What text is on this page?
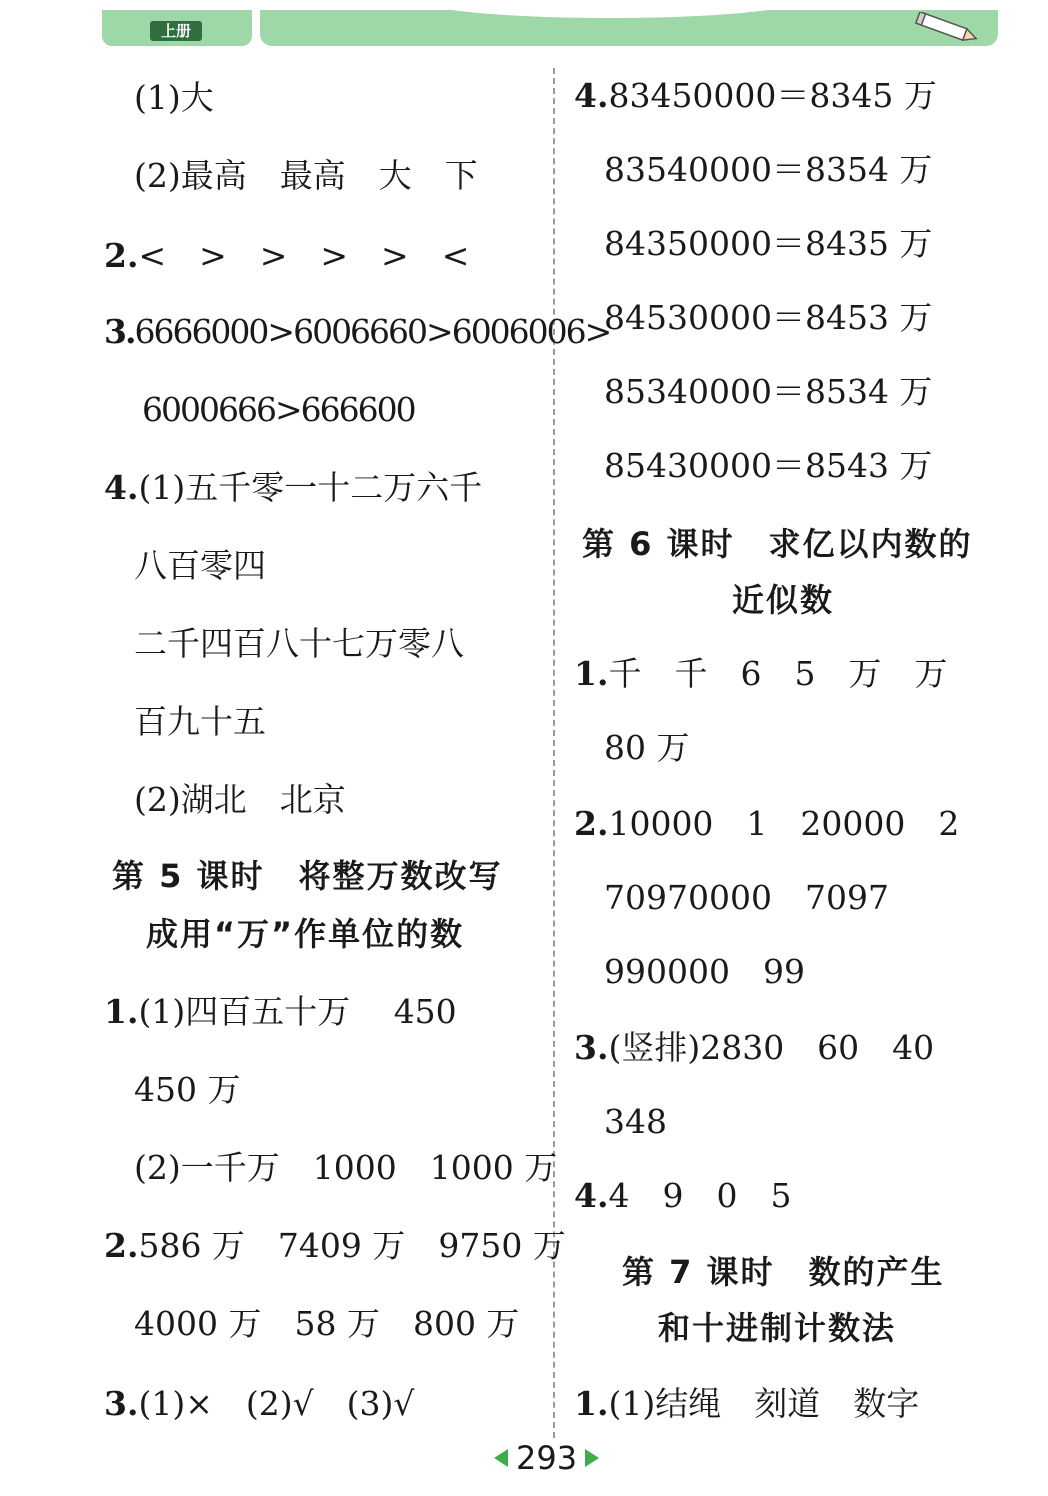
上册
(1)大
(2)最高　最高　大　下
2.<　>　>　>　>　<
3.6666000>6006660>6006006>
6000666>666600
4.(1)五千零一十二万六千
八百零四
二千四百八十七万零八
百九十五
(2)湖北　北京
第 5 课时　将整万数改写
成用“万”作单位的数
1.(1)四百五十万　 450
450 万
(2)一千万　1000　1000 万
2.586 万　7409 万　9750 万
4000 万　58 万　800 万
3.(1)×　(2)√　(3)√
4.83450000＝8345 万
83540000＝8354 万
84350000＝8435 万
84530000＝8453 万
85340000＝8534 万
85430000＝8543 万
第 6 课时　求亿以内数的
近似数
1.千　千　6　5　万　万
80 万
2.10000　1　20000　2
70970000　7097
990000　99
3.(竖排)2830　60　40
348
4.4　9　0　5
第 7 课时　数的产生
和十进制计数法
1.(1)结绳　刻道　数字
293
